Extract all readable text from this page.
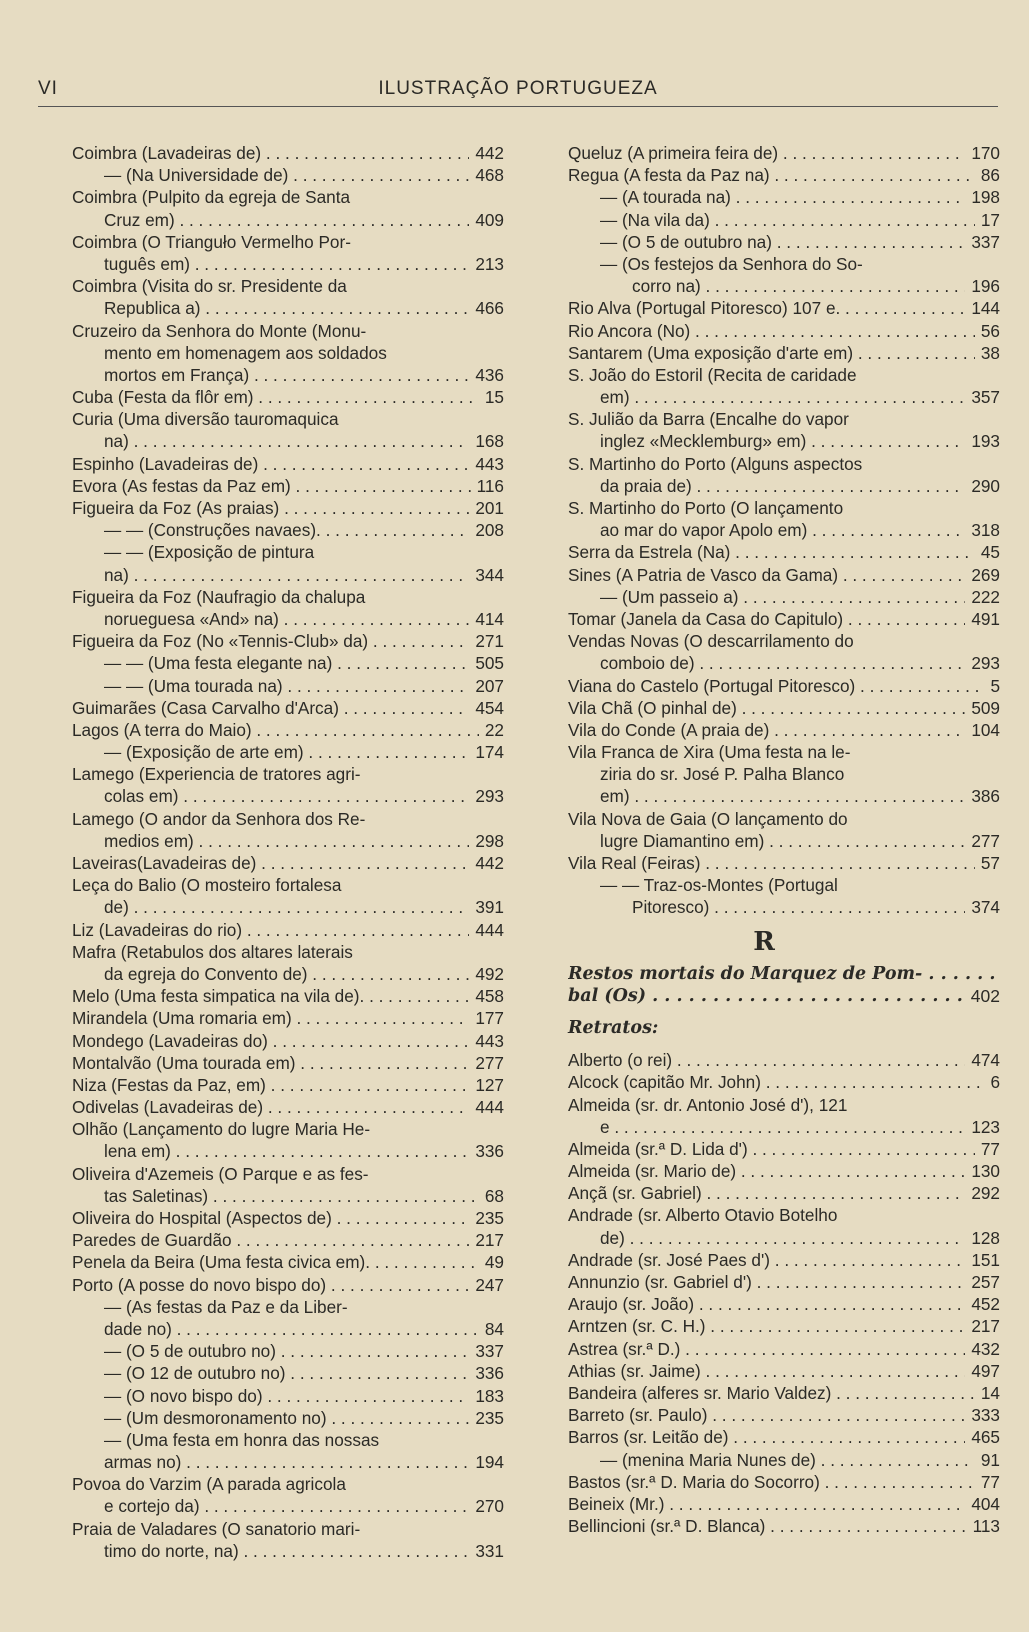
VI	ILUSTRAÇÃO PORTUGUEZA
Coimbra (Lavadeiras de) . . .	442
— (Na Universidade de) . . .	468
Coimbra (Pulpito da egreja de Santa
Cruz em) . . .	409
Coimbra (O Trianguło Vermelho Por-
tuguês em) . . .	213
Coimbra (Visita do sr. Presidente da
Republica a) . . .	466
Cruzeiro da Senhora do Monte (Monu-
mento em homenagem aos soldados
mortos em França) . . .	436
Cuba (Festa da flôr em) . . .	15
Curia (Uma diversão tauromaquica
na) . . .	168
Espinho (Lavadeiras de) . . .	443
Evora (As festas da Paz em) . . .	116
Figueira da Foz (As praias) . . .	201
— — (Construções navaes). . . .	208
— — (Exposição de pintura
na) . . .	344
Figueira da Foz (Naufragio da chalupa
norueguesa «And» na) . . .	414
Figueira da Foz (No «Tennis-Club» da) . . .	271
— — (Uma festa elegante na) . . .	505
— — (Uma tourada na) . . .	207
Guimarães (Casa Carvalho d'Arca) . . .	454
Lagos (A terra do Maio) . . .	22
— (Exposição de arte em) . . .	174
Lamego (Experiencia de tratores agri-
colas em) . . .	293
Lamego (O andor da Senhora dos Re-
medios em) . . .	298
Laveiras(Lavadeiras de) . . .	442
Leça do Balio (O mosteiro fortalesa
de) . . .	391
Liz (Lavadeiras do rio) . . .	444
Mafra (Retabulos dos altares laterais
da egreja do Convento de) . . .	492
Melo (Uma festa simpatica na vila de). . . .	458
Mirandela (Uma romaria em) . . .	177
Mondego (Lavadeiras do) . . .	443
Montalvão (Uma tourada em) . . .	277
Niza (Festas da Paz, em) . . .	127
Odivelas (Lavadeiras de) . . .	444
Olhão (Lançamento do lugre Maria He-
lena em) . . .	336
Oliveira d'Azemeis (O Parque e as fes-
tas Saletinas) . . .	68
Oliveira do Hospital (Aspectos de) . . .	235
Paredes de Guardão . . .	217
Penela da Beira (Uma festa civica em). . . .	49
Porto (A posse do novo bispo do) . . .	247
— (As festas da Paz e da Liber-
dade no) . . .	84
— (O 5 de outubro no) . . .	337
— (O 12 de outubro no) . . .	336
— (O novo bispo do) . . .	183
— (Um desmoronamento no) . . .	235
— (Uma festa em honra das nossas
armas no) . . .	194
Povoa do Varzim (A parada agricola
e cortejo da) . . .	270
Praia de Valadares (O sanatorio mari-
timo do norte, na) . . .	331
Queluz (A primeira feira de) . . .	170
Regua (A festa da Paz na) . . .	86
— (A tourada na) . . .	198
— (Na vila da) . . .	17
— (O 5 de outubro na) . . .	337
— (Os festejos da Senhora do So-
corro na) . . .	196
Rio Alva (Portugal Pitoresco) 107 e. . . .	144
Rio Ancora (No) . . .	56
Santarem (Uma exposição d'arte em) . . .	38
S. João do Estoril (Recita de caridade
em) . . .	357
S. Julião da Barra (Encalhe do vapor
inglez «Mecklemburg» em) . . .	193
S. Martinho do Porto (Alguns aspectos
da praia de) . . .	290
S. Martinho do Porto (O lançamento
ao mar do vapor Apolo em) . . .	318
Serra da Estrela (Na) . . .	45
Sines (A Patria de Vasco da Gama) . . .	269
— (Um passeio a) . . .	222
Tomar (Janela da Casa do Capitulo) . . .	491
Vendas Novas (O descarrilamento do
comboio de) . . .	293
Viana do Castelo (Portugal Pitoresco) . . .	5
Vila Chã (O pinhal de) . . .	509
Vila do Conde (A praia de) . . .	104
Vila Franca de Xira (Uma festa na le-
ziria do sr. José P. Palha Blanco
em) . . .	386
Vila Nova de Gaia (O lançamento do
lugre Diamantino em) . . .	277
Vila Real (Feiras) . . .	57
— — Traz-os-Montes (Portugal
Pitoresco) . . .	374
R
Restos mortais do Marquez de Pom- . . .
bal (Os) . . .	402
Retratos:
Alberto (o rei) . . .	474
Alcock (capitão Mr. John) . . .	6
Almeida (sr. dr. Antonio José d'), 121
e . . .	123
Almeida (sr.ª D. Lida d') . . .	77
Almeida (sr. Mario de) . . .	130
Ançã (sr. Gabriel) . . .	292
Andrade (sr. Alberto Otavio Botelho
de) . . .	128
Andrade (sr. José Paes d') . . .	151
Annunzio (sr. Gabriel d') . . .	257
Araujo (sr. João) . . .	452
Arntzen (sr. C. H.) . . .	217
Astrea (sr.ª D.) . . .	432
Athias (sr. Jaime) . . .	497
Bandeira (alferes sr. Mario Valdez) . . .	14
Barreto (sr. Paulo) . . .	333
Barros (sr. Leitão de) . . .	465
— (menina Maria Nunes de) . . .	91
Bastos (sr.ª D. Maria do Socorro) . . .	77
Beineix (Mr.) . . .	404
Bellincioni (sr.ª D. Blanca) . . .	113
